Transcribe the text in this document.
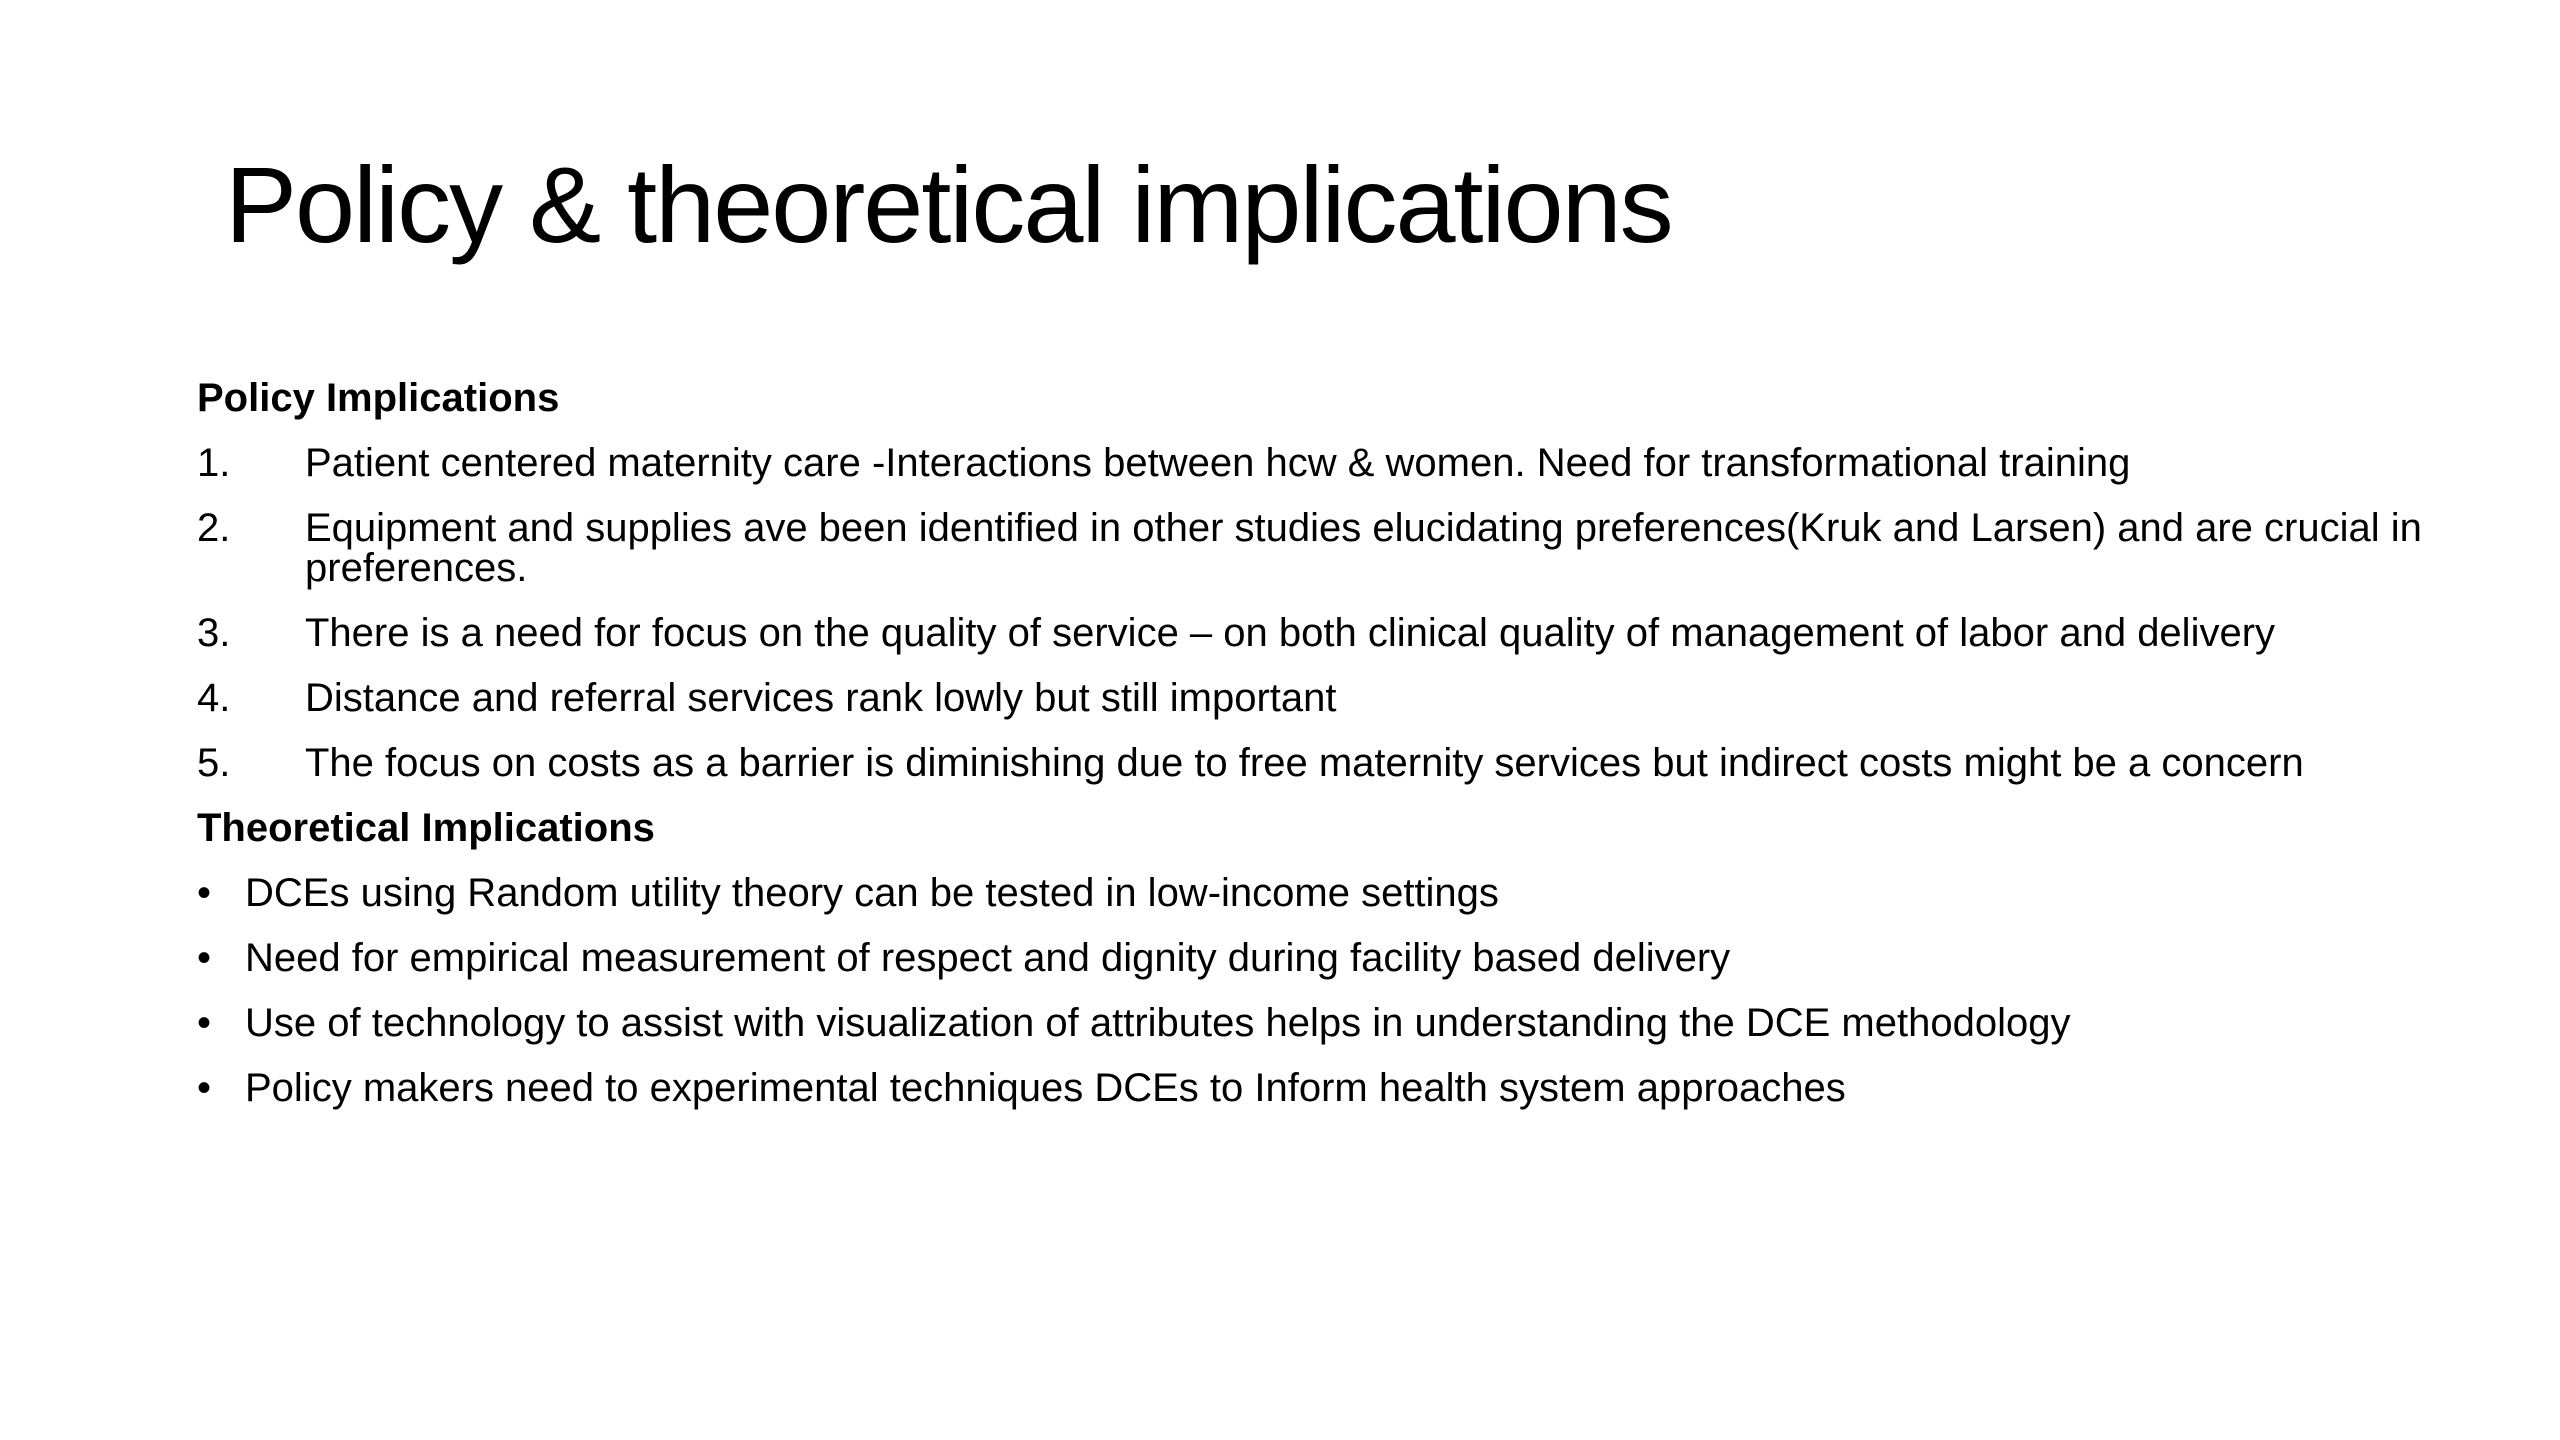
Policy & theoretical implications
Policy Implications
1.	Patient centered maternity care -Interactions between hcw & women. Need for transformational training
2.	Equipment and supplies ave been identified in other studies elucidating preferences(Kruk and Larsen) and are crucial in preferences.
3.	There is a need for focus on the quality of service – on both clinical quality of management of labor and delivery
4.	Distance and referral services rank lowly but still important
5.	The focus on costs as a barrier is diminishing due to free maternity services but indirect costs might be a concern
Theoretical Implications
• DCEs using Random utility theory can be tested in low-income settings
• Need for empirical measurement of respect and dignity during facility based delivery
• Use of technology to assist with visualization of attributes helps in understanding the DCE methodology
• Policy makers need to experimental techniques DCEs to Inform health system approaches
